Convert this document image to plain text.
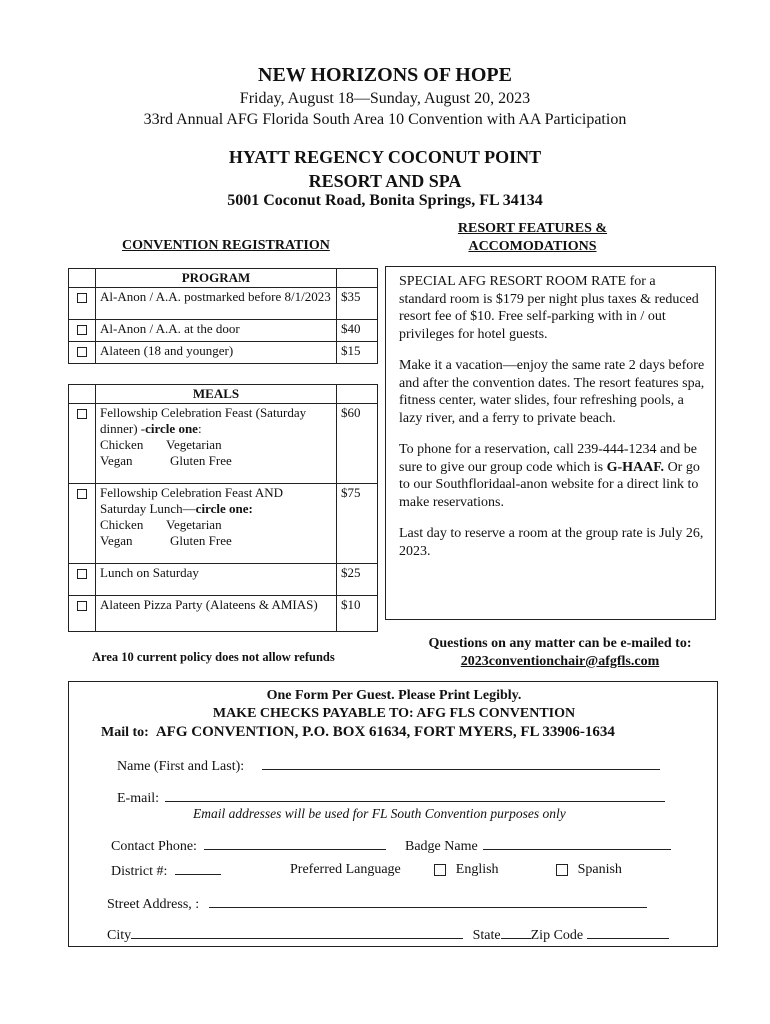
NEW HORIZONS OF HOPE
Friday, August 18—Sunday, August 20, 2023
33rd Annual AFG Florida South Area 10 Convention with AA Participation
HYATT REGENCY COCONUT POINT
RESORT AND SPA
5001 Coconut Road, Bonita Springs, FL 34134
CONVENTION REGISTRATION
RESORT FEATURES &
ACCOMODATIONS
	PROGRAM	
	Al-Anon / A.A. postmarked before 8/1/2023	$35
	Al-Anon / A.A. at the door	$40
	Alateen (18 and younger)	$15
	MEALS	
	Fellowship Celebration Feast (Saturday dinner) -circle one:
Chicken Vegetarian
Vegan Gluten Free	$60
	Fellowship Celebration Feast AND Saturday Lunch—circle one:
Chicken Vegetarian
Vegan Gluten Free	$75
	Lunch on Saturday	$25
	Alateen Pizza Party (Alateens & AMIAS)	$10
Area 10 current policy does not allow refunds

SPECIAL AFG RESORT ROOM RATE for a standard room is $179 per night plus taxes & reduced resort fee of $10. Free self-parking with in / out privileges for hotel guests.

Make it a vacation—enjoy the same rate 2 days before and after the convention dates. The resort features spa, fitness center, water slides, four refreshing pools, a lazy river, and a ferry to private beach.

To phone for a reservation, call 239-444-1234 and be sure to give our group code which is G-HAAF. Or go to our Southfloridaal-anon website for a direct link to make reservations.

Last day to reserve a room at the group rate is July 26, 2023.

Questions on any matter can be e-mailed to:
2023conventionchair@afgfls.com
One Form Per Guest. Please Print Legibly.
MAKE CHECKS PAYABLE TO: AFG FLS CONVENTION
Mail to: AFG CONVENTION, P.O. BOX 61634, FORT MYERS, FL 33906-1634
Name (First and Last):
E-mail:
Email addresses will be used for FL South Convention purposes only
Contact Phone:	Badge Name
District #:	Preferred Language	English	Spanish
Street Address, :
City	State Zip Code
